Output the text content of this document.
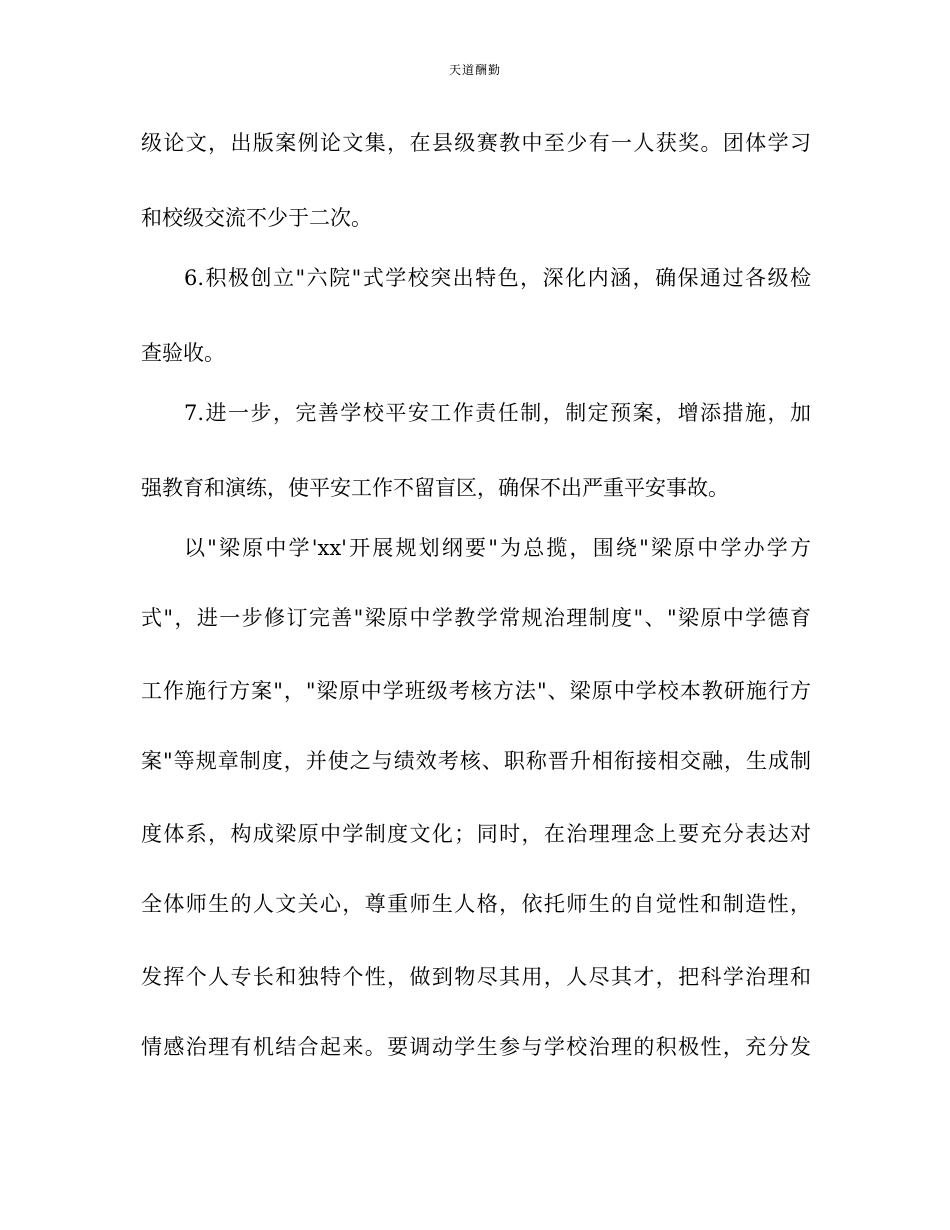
天道酬勤
级论文，出版案例论文集，在县级赛教中至少有一人获奖。团体学习
和校级交流不少于二次。
6.积极创立"六院"式学校突出特色，深化内涵，确保通过各级检
查验收。
7.进一步，完善学校平安工作责任制，制定预案，增添措施，加
强教育和演练，使平安工作不留盲区，确保不出严重平安事故。
以"梁原中学'xx'开展规划纲要"为总揽，围绕"梁原中学办学方
式"，进一步修订完善"梁原中学教学常规治理制度"、"梁原中学德育
工作施行方案"，"梁原中学班级考核方法"、梁原中学校本教研施行方
案"等规章制度，并使之与绩效考核、职称晋升相衔接相交融，生成制
度体系，构成梁原中学制度文化；同时，在治理理念上要充分表达对
全体师生的人文关心，尊重师生人格，依托师生的自觉性和制造性，
发挥个人专长和独特个性，做到物尽其用，人尽其才，把科学治理和
情感治理有机结合起来。要调动学生参与学校治理的积极性，充分发
